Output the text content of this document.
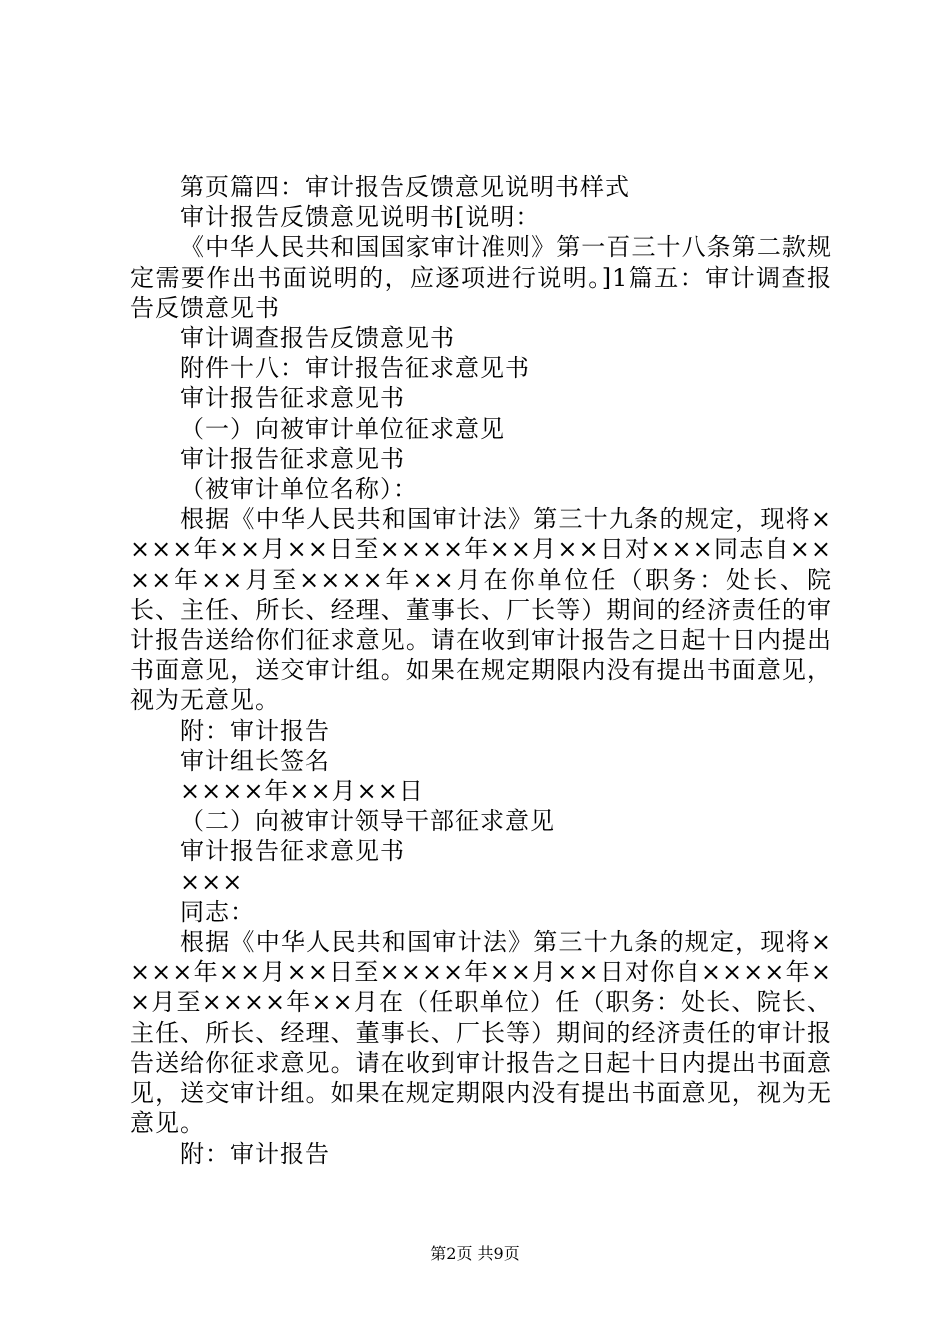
第页篇四：审计报告反馈意见说明书样式

审计报告反馈意见说明书[说明：

《中华人民共和国国家审计准则》第一百三十八条第二款规定需要作出书面说明的，应逐项进行说明。]1篇五：审计调查报告反馈意见书

审计调查报告反馈意见书

附件十八：审计报告征求意见书

审计报告征求意见书

（一）向被审计单位征求意见

审计报告征求意见书

（被审计单位名称）：

根据《中华人民共和国审计法》第三十九条的规定，现将××××年××月××日至××××年××月××日对×××同志自××××年××月至××××年××月在你单位任（职务：处长、院长、主任、所长、经理、董事长、厂长等）期间的经济责任的审计报告送给你们征求意见。请在收到审计报告之日起十日内提出书面意见，送交审计组。如果在规定期限内没有提出书面意见，视为无意见。

附：审计报告

审计组长签名

××××年××月××日

（二）向被审计领导干部征求意见

审计报告征求意见书

×××

同志：

根据《中华人民共和国审计法》第三十九条的规定，现将××××年××月××日至××××年××月××日对你自××××年××月至××××年××月在（任职单位）任（职务：处长、院长、主任、所长、经理、董事长、厂长等）期间的经济责任的审计报告送给你征求意见。请在收到审计报告之日起十日内提出书面意见，送交审计组。如果在规定期限内没有提出书面意见，视为无意见。

附：审计报告

第2页 共9页
